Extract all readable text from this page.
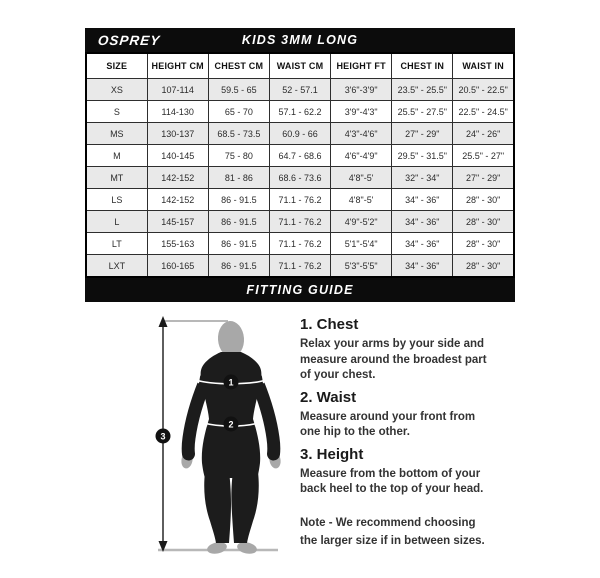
OSPREY	KIDS 3MM LONG
SIZE	HEIGHT CM	CHEST CM	WAIST CM	HEIGHT FT	CHEST IN	WAIST IN
XS	107-114	59.5 - 65	52 - 57.1	3'6"-3'9"	23.5" - 25.5"	20.5" - 22.5"
S	114-130	65 - 70	57.1 - 62.2	3'9"-4'3"	25.5" - 27.5"	22.5" - 24.5"
MS	130-137	68.5 - 73.5	60.9 - 66	4'3"-4'6"	27" - 29"	24" - 26"
M	140-145	75 - 80	64.7 - 68.6	4'6"-4'9"	29.5" - 31.5"	25.5" - 27"
MT	142-152	81 - 86	68.6 - 73.6	4'8"-5'	32" - 34"	27" - 29"
LS	142-152	86 - 91.5	71.1 - 76.2	4'8"-5'	34" - 36"	28" - 30"
L	145-157	86 - 91.5	71.1 - 76.2	4'9"-5'2"	34" - 36"	28" - 30"
LT	155-163	86 - 91.5	71.1 - 76.2	5'1"-5'4"	34" - 36"	28" - 30"
LXT	160-165	86 - 91.5	71.1 - 76.2	5'3"-5'5"	34" - 36"	28" - 30"
FITTING GUIDE
1
2
3
1. Chest
Relax your arms by your side and
measure around the broadest part
of your chest.
2. Waist
Measure around your front from
one hip to the other.
3. Height
Measure from the bottom of your
back heel to the top of your head.
Note - We recommend choosing
the larger size if in between sizes.
